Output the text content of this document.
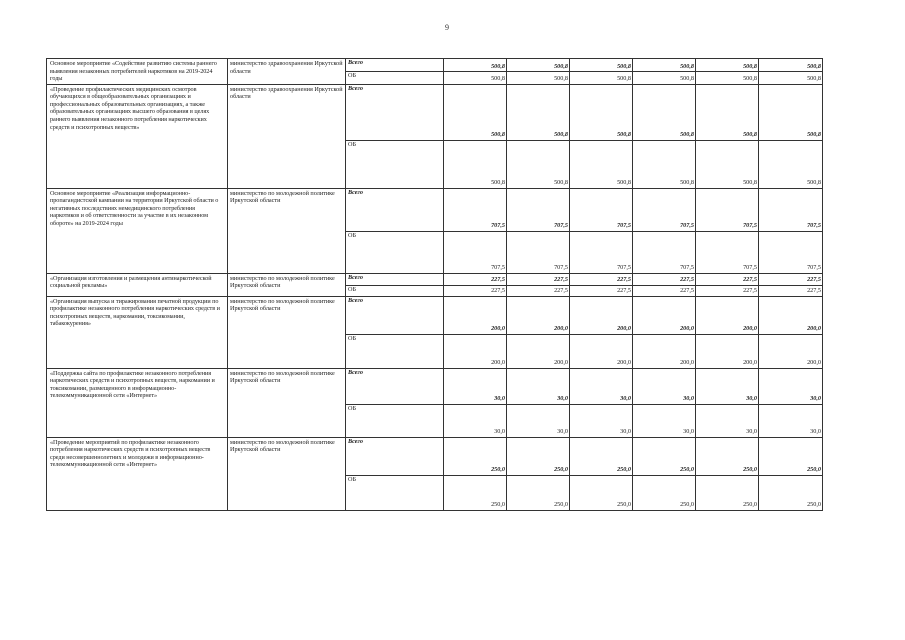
9
Основное мероприятие «Содействие развитию системы раннего выявления незаконных потребителей наркотиков на 2019-2024 годы	министерство здравоохранения Иркутской области	Всего	500,8	500,8	500,8	500,8	500,8	500,8
		ОБ	500,8	500,8	500,8	500,8	500,8	500,8
«Проведение профилактических медицинских осмотров обучающихся в общеобразовательных организациях и профессиональных образовательных организациях, а также образовательных организациях высшего образования в целях раннего выявления незаконного потребления наркотических средств и психотропных веществ»	министерство здравоохранения Иркутской области	Всего	500,8	500,8	500,8	500,8	500,8	500,8
		ОБ	500,8	500,8	500,8	500,8	500,8	500,8
Основное мероприятие «Реализация информационно-пропагандистской кампании на территории Иркутской области о негативных последствиях немедицинского потребления наркотиков и об ответственности за участие в их незаконном обороте» на 2019-2024 годы	министерство по молодежной политике Иркутской области	Всего	707,5	707,5	707,5	707,5	707,5	707,5
		ОБ	707,5	707,5	707,5	707,5	707,5	707,5
«Организация изготовления и размещения антинаркотической социальной рекламы»	министерство по молодежной политике Иркутской области	Всего	227,5	227,5	227,5	227,5	227,5	227,5
		ОБ	227,5	227,5	227,5	227,5	227,5	227,5
«Организация выпуска и тиражирования печатной продукции по профилактике незаконного потребления наркотических средств и психотропных веществ, наркомании, токсикомании, табакокурения»	министерство по молодежной политике Иркутской области	Всего	200,0	200,0	200,0	200,0	200,0	200,0
		ОБ	200,0	200,0	200,0	200,0	200,0	200,0
«Поддержка сайта по профилактике незаконного потребления наркотических средств и психотропных веществ, наркомании и токсикомании, размещенного в информационно-телекоммуникационной сети «Интернет»	министерство по молодежной политике Иркутской области	Всего	30,0	30,0	30,0	30,0	30,0	30,0
		ОБ	30,0	30,0	30,0	30,0	30,0	30,0
«Проведение мероприятий по профилактике незаконного потребления наркотических средств и психотропных веществ среди несовершеннолетних и молодежи в информационно-телекоммуникационной сети «Интернет»	министерство по молодежной политике Иркутской области	Всего	250,0	250,0	250,0	250,0	250,0	250,0
		ОБ	250,0	250,0	250,0	250,0	250,0	250,0
